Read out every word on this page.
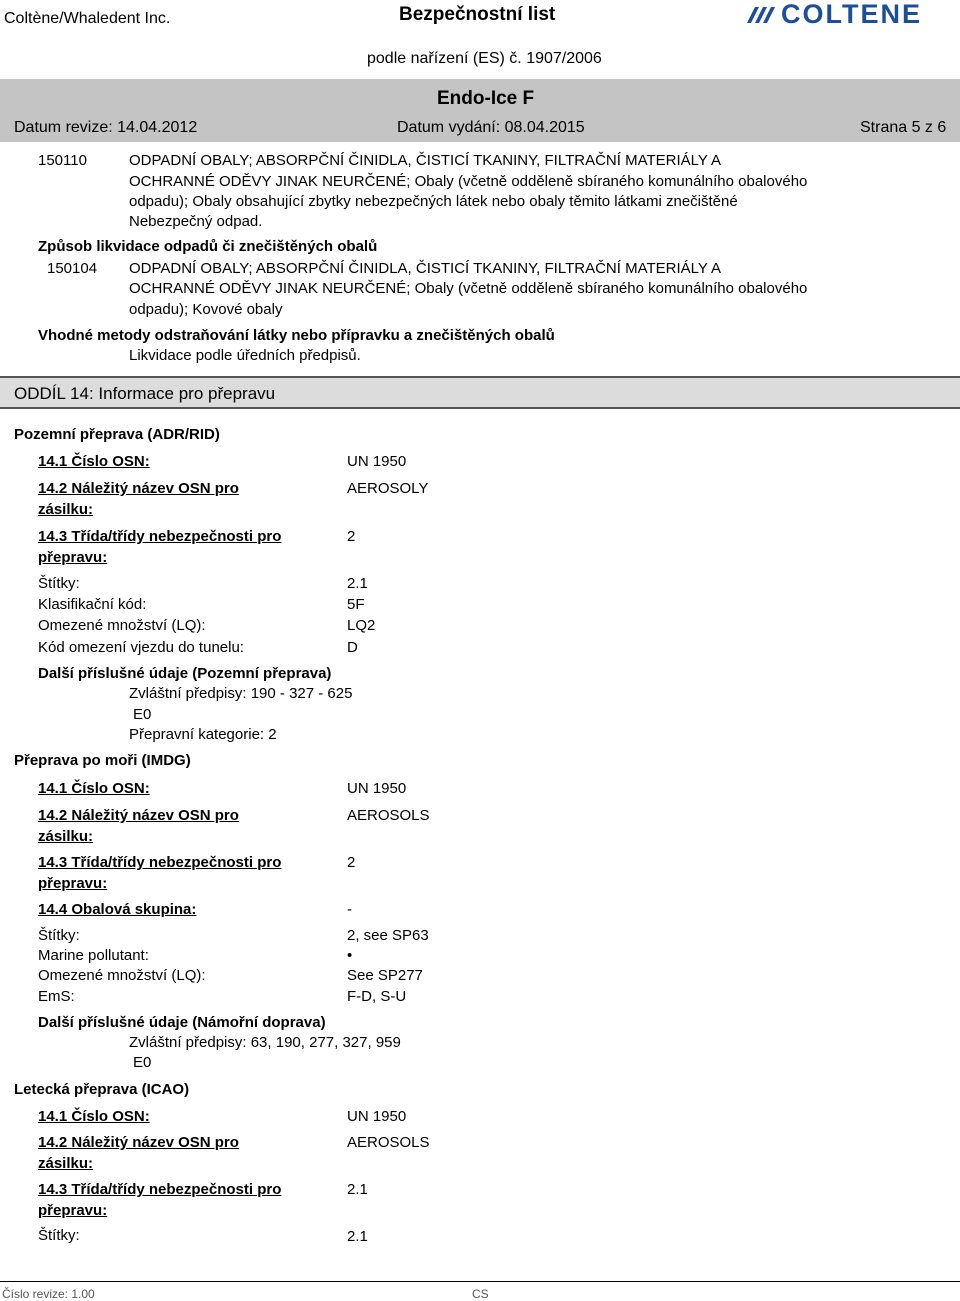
Coltène/Whaledent Inc.	Bezpečnostní list
podle nařízení (ES) č. 1907/2006
COLTENE
Endo-Ice F
Datum revize: 14.04.2012	Datum vydání: 08.04.2015	Strana 5 z 6
150110	ODPADNÍ OBALY; ABSORPČNÍ ČINIDLA, ČISTICÍ TKANINY, FILTRAČNÍ MATERIÁLY A
OCHRANNÉ ODĚVY JINAK NEURČENÉ; Obaly (včetně odděleně sbíraného komunálního obalového
odpadu); Obaly obsahující zbytky nebezpečných látek nebo obaly těmito látkami znečištěné
Nebezpečný odpad.
Způsob likvidace odpadů či znečištěných obalů
150104 ODPADNÍ OBALY; ABSORPČNÍ ČINIDLA, ČISTICÍ TKANINY, FILTRAČNÍ MATERIÁLY A
OCHRANNÉ ODĚVY JINAK NEURČENÉ; Obaly (včetně odděleně sbíraného komunálního obalového
odpadu); Kovové obaly
Vhodné metody odstraňování látky nebo přípravku a znečištěných obalů
Likvidace podle úředních předpisů.
ODDÍL 14: Informace pro přepravu
Pozemní přeprava (ADR/RID)
14.1 Číslo OSN:	UN 1950
14.2 Náležitý název OSN pro
zásilku:
AEROSOLY
14.3 Třída/třídy nebezpečnosti pro
přepravu:
2
Štítky:	2.1
Klasifikační kód:	5F
Omezené množství (LQ):	LQ2
Kód omezení vjezdu do tunelu:	D
Další příslušné údaje (Pozemní přeprava)
Zvláštní předpisy: 190 - 327 - 625
E0
Přepravní kategorie: 2
Přeprava po moři (IMDG)
14.1 Číslo OSN:	UN 1950
14.2 Náležitý název OSN pro
zásilku:
AEROSOLS
14.3 Třída/třídy nebezpečnosti pro
přepravu:
2
14.4 Obalová skupina:	-
Štítky:	2, see SP63
Marine pollutant:	•
Omezené množství (LQ):	See SP277
EmS:	F-D, S-U
Další příslušné údaje (Námořní doprava)
Zvláštní předpisy: 63, 190, 277, 327, 959
E0
Letecká přeprava (ICAO)
14.1 Číslo OSN:	UN 1950
14.2 Náležitý název OSN pro
zásilku:
AEROSOLS
14.3 Třída/třídy nebezpečnosti pro
přepravu:
2.1
Štítky:	2.1
Číslo revize: 1.00	CS
